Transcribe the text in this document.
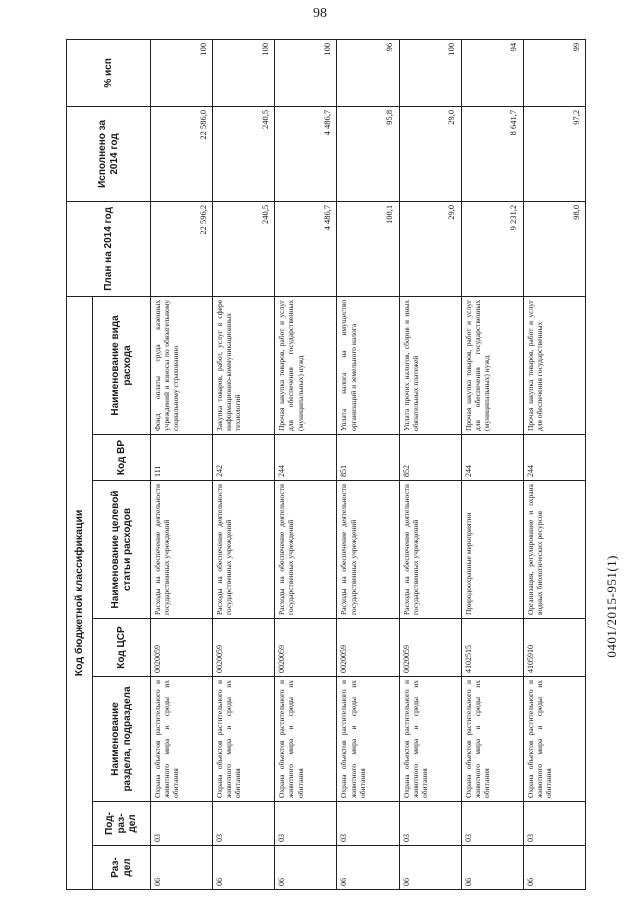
98
0401/2015-951(1)
Код бюджетной классификации							План на 2014 год	Исполнено за 2014 год	% исп
Раз-дел	Под-раз-дел	Наименование раздела, подраздела	Код ЦСР	Наименование целевой статьи расходов	Код ВР	Наименование вида расхода			
06	03	Охрана объектов растительного и животного мира и среды их обитания	0020059	Расходы на обеспечение деятельности государственных учреждений	111	Фонд оплаты труда казенных учреждений и взносы по обязательному социальному страхованию	22 596,2	22 586,0	100
06	03	Охрана объектов растительного и животного мира и среды их обитания	0020059	Расходы на обеспечение деятельности государственных учреждений	242	Закупка товаров, работ, услуг в сфере информационно-коммуникационных технологий	240,5	240,5	100
06	03	Охрана объектов растительного и животного мира и среды их обитания	0020059	Расходы на обеспечение деятельности государственных учреждений	244	Прочая закупка товаров, работ и услуг для обеспечения государственных (муниципальных) нужд	4 486,7	4 486,7	100
06	03	Охрана объектов растительного и животного мира и среды их обитания	0020059	Расходы на обеспечение деятельности государственных учреждений	851	Уплата налога на имущество организаций и земельного налога	100,1	95,8	96
06	03	Охрана объектов растительного и животного мира и среды их обитания	0020059	Расходы на обеспечение деятельности государственных учреждений	852	Уплата прочих налогов, сборов и иных обязательных платежей	29,0	29,0	100
06	03	Охрана объектов растительного и животного мира и среды их обитания	4102515	Природоохранные мероприятия	244	Прочая закупка товаров, работ и услуг для обеспечения государственных (муниципальных) нужд	9 231,2	8 641,7	94
06	03	Охрана объектов растительного и животного мира и среды их обитания	4105910	Организация, регулирование и охрана водных биологических ресурсов	244	Прочая закупка товаров, работ и услуг для обеспечения государственных	98,0	97,2	99
